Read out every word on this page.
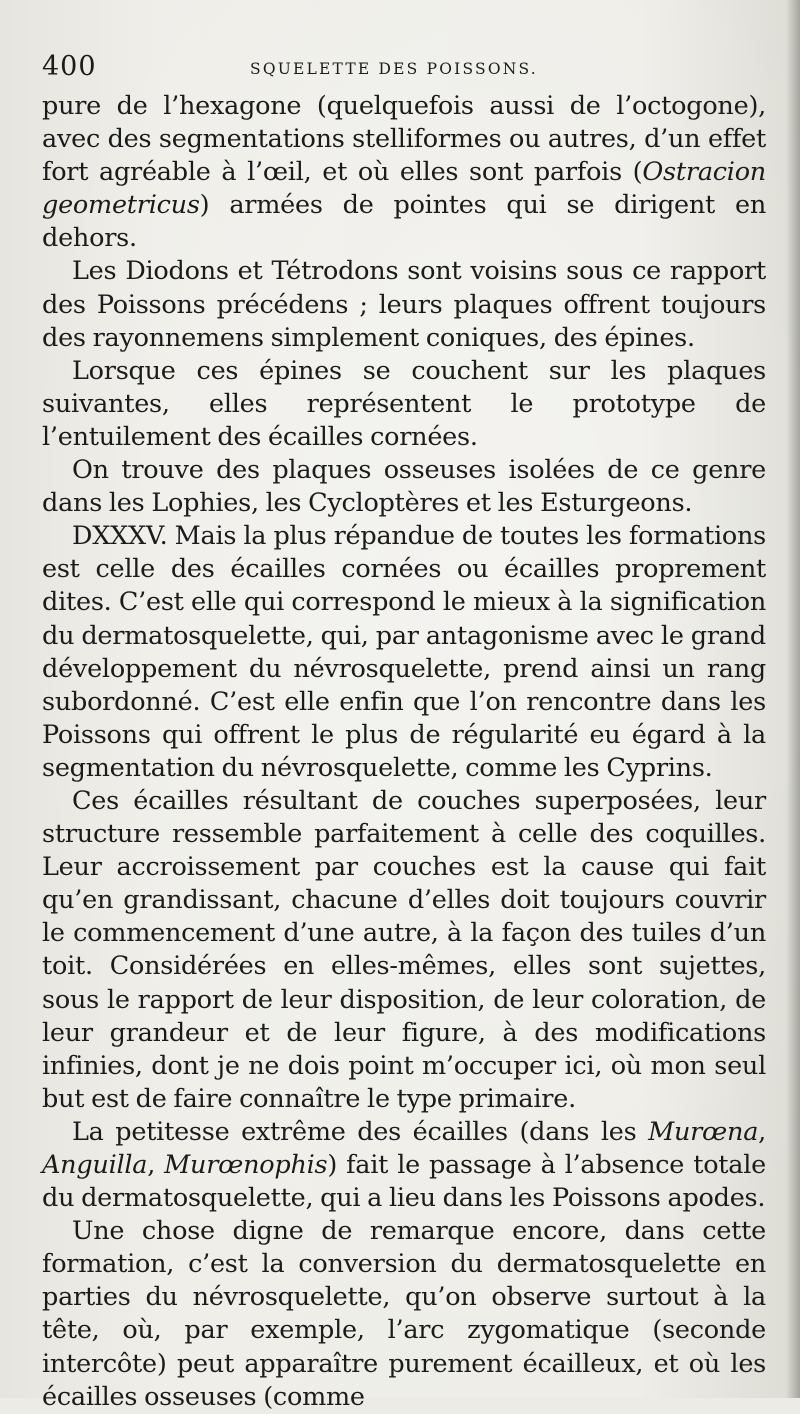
400	SQUELETTE DES POISSONS.

pure de l’hexagone (quelquefois aussi de l’octogone), avec des segmentations stelliformes ou autres, d’un effet fort agréable à l’œil, et où elles sont parfois (Ostracion geometricus) armées de pointes qui se dirigent en dehors.

Les Diodons et Tétrodons sont voisins sous ce rapport des Poissons précédens ; leurs plaques offrent toujours des rayonnemens simplement coniques, des épines.

Lorsque ces épines se couchent sur les plaques suivantes, elles représentent le prototype de l’entuilement des écailles cornées.

On trouve des plaques osseuses isolées de ce genre dans les Lophies, les Cycloptères et les Esturgeons.

DXXXV. Mais la plus répandue de toutes les formations est celle des écailles cornées ou écailles proprement dites. C’est elle qui correspond le mieux à la signification du dermatosquelette, qui, par antagonisme avec le grand développement du névrosquelette, prend ainsi un rang subordonné. C’est elle enfin que l’on rencontre dans les Poissons qui offrent le plus de régularité eu égard à la segmentation du névrosquelette, comme les Cyprins.

Ces écailles résultant de couches superposées, leur structure ressemble parfaitement à celle des coquilles. Leur accroissement par couches est la cause qui fait qu’en grandissant, chacune d’elles doit toujours couvrir le commencement d’une autre, à la façon des tuiles d’un toit. Considérées en elles-mêmes, elles sont sujettes, sous le rapport de leur disposition, de leur coloration, de leur grandeur et de leur figure, à des modifications infinies, dont je ne dois point m’occuper ici, où mon seul but est de faire connaître le type primaire.

La petitesse extrême des écailles (dans les Murœna, Anguilla, Murœnophis) fait le passage à l’absence totale du dermatosquelette, qui a lieu dans les Poissons apodes.

Une chose digne de remarque encore, dans cette formation, c’est la conversion du dermatosquelette en parties du névrosquelette, qu’on observe surtout à la tête, où, par exemple, l’arc zygomatique (seconde intercôte) peut apparaître purement écailleux, et où les écailles osseuses (comme
